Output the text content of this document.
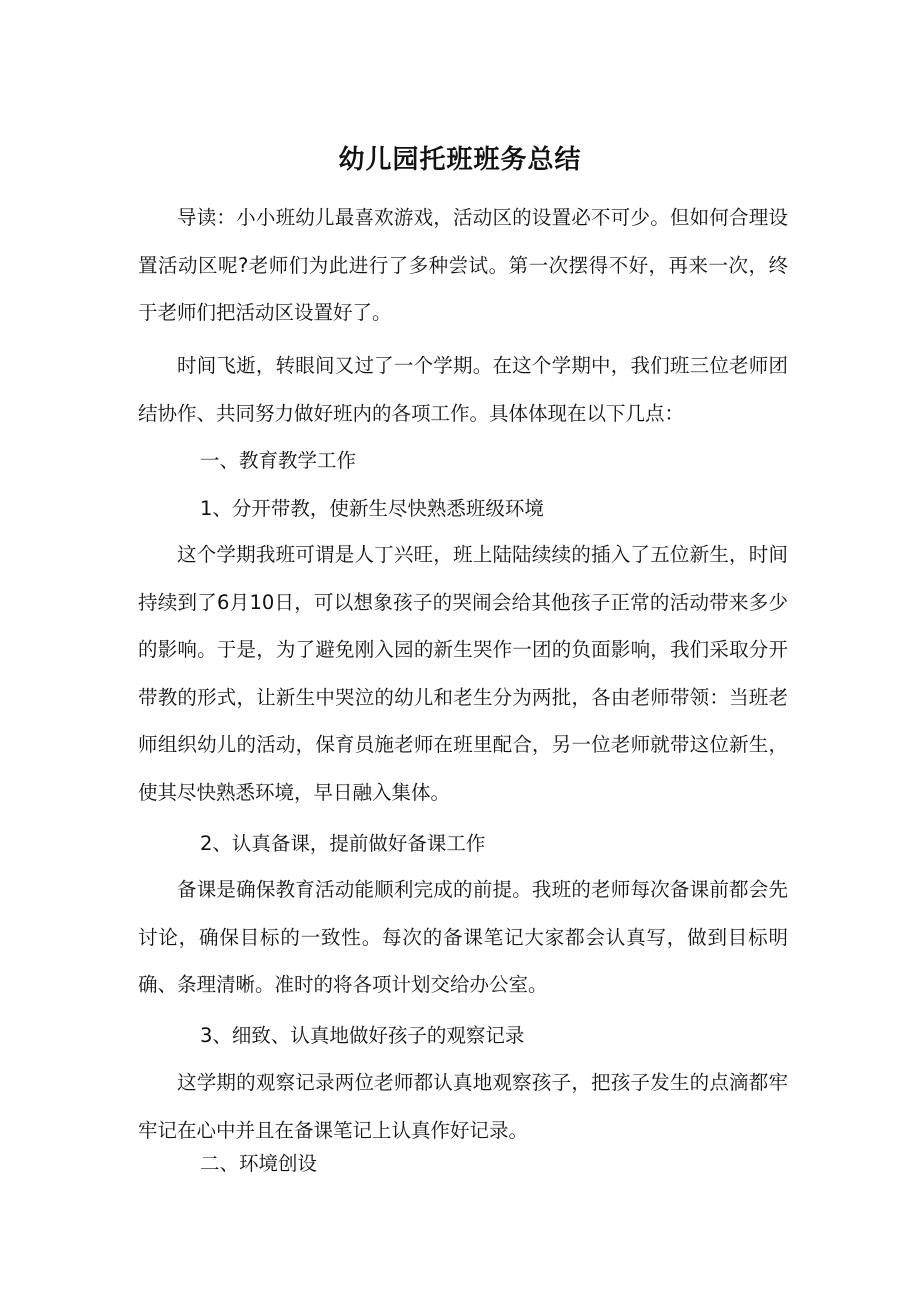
幼儿园托班班务总结

导读：小小班幼儿最喜欢游戏，活动区的设置必不可少。但如何合理设置活动区呢?老师们为此进行了多种尝试。第一次摆得不好，再来一次，终于老师们把活动区设置好了。

时间飞逝，转眼间又过了一个学期。在这个学期中，我们班三位老师团结协作、共同努力做好班内的各项工作。具体体现在以下几点：

一、教育教学工作

1、分开带教，使新生尽快熟悉班级环境

这个学期我班可谓是人丁兴旺，班上陆陆续续的插入了五位新生，时间持续到了6月10日，可以想象孩子的哭闹会给其他孩子正常的活动带来多少的影响。于是，为了避免刚入园的新生哭作一团的负面影响，我们采取分开带教的形式，让新生中哭泣的幼儿和老生分为两批，各由老师带领：当班老师组织幼儿的活动，保育员施老师在班里配合，另一位老师就带这位新生，使其尽快熟悉环境，早日融入集体。

2、认真备课，提前做好备课工作

备课是确保教育活动能顺利完成的前提。我班的老师每次备课前都会先讨论，确保目标的一致性。每次的备课笔记大家都会认真写，做到目标明确、条理清晰。准时的将各项计划交给办公室。

3、细致、认真地做好孩子的观察记录

这学期的观察记录两位老师都认真地观察孩子，把孩子发生的点滴都牢牢记在心中并且在备课笔记上认真作好记录。

二、环境创设
